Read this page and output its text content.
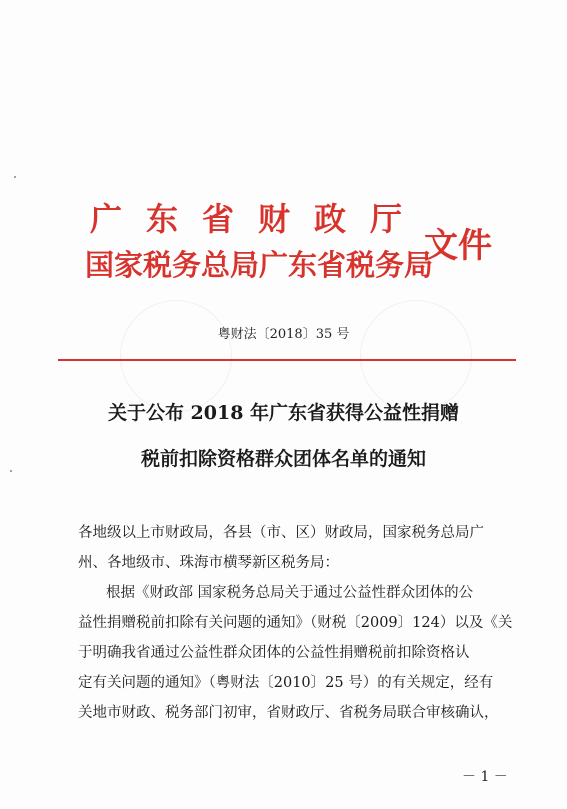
广东省财政厅
国家税务总局广东省税务局
文件
粤财法〔2018〕35 号
关于公布 2018 年广东省获得公益性捐赠
税前扣除资格群众团体名单的通知
各地级以上市财政局，各县（市、区）财政局，国家税务总局广
州、各地级市、珠海市横琴新区税务局：
根据《财政部 国家税务总局关于通过公益性群众团体的公
益性捐赠税前扣除有关问题的通知》（财税〔2009〕124）以及《关
于明确我省通过公益性群众团体的公益性捐赠税前扣除资格认
定有关问题的通知》（粤财法〔2010〕25 号）的有关规定，经有
关地市财政、税务部门初审，省财政厅、省税务局联合审核确认，
－ 1 －
